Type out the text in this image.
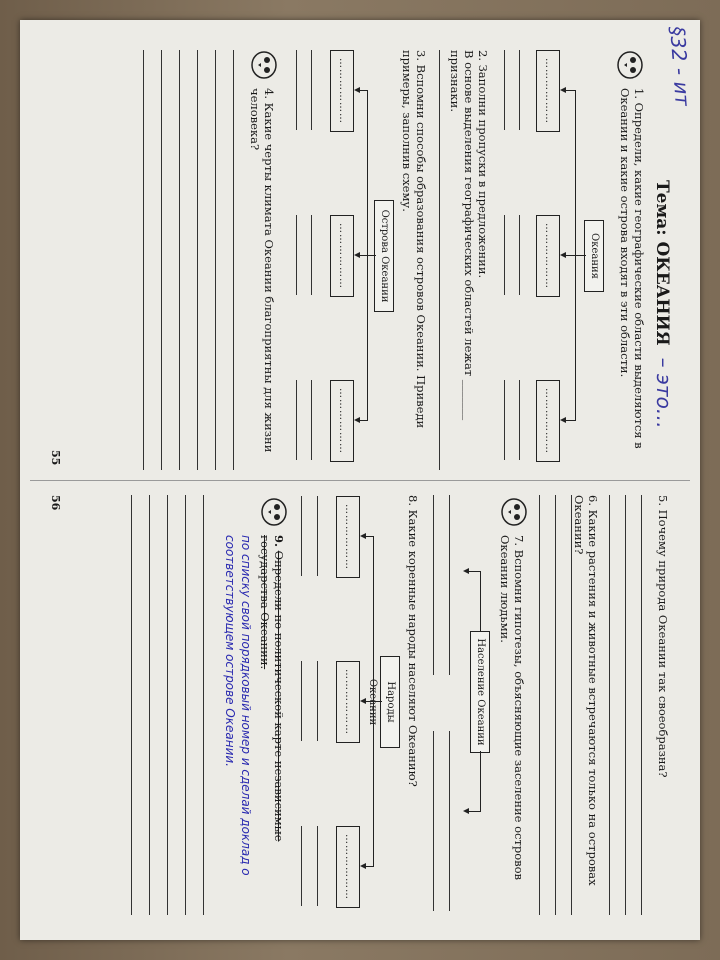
Тема: ОКЕАНИЯ – это…
§32 - ит
1. Определи, какие географические области выделяются в Океании и какие острова входят в эти области.
Океания
………………
………………
………………
2. Заполни пропуски в предложении.
В основе выделения географических областей лежат _______ признаки.
3. Вспомни способы образования островов Океании. Приведи примеры, заполнив схему.
Острова Океании
………………
………………
………………
4. Какие черты климата Океании благоприятны для жизни человека?
55
5. Почему природа Океании так своеобразна?
6. Какие растения и животные встречаются только на островах Океании?
7. Вспомни гипотезы, объясняющие заселение островов Океании людьми.
Население Океании
8. Какие коренные народы населяют Океанию?
Народы Океании
………………
………………
………………
9. Определи по политической карте независимые государства Океании.
по списку свой порядковый номер и сделай доклад о соответствующем острове Океании.
56
